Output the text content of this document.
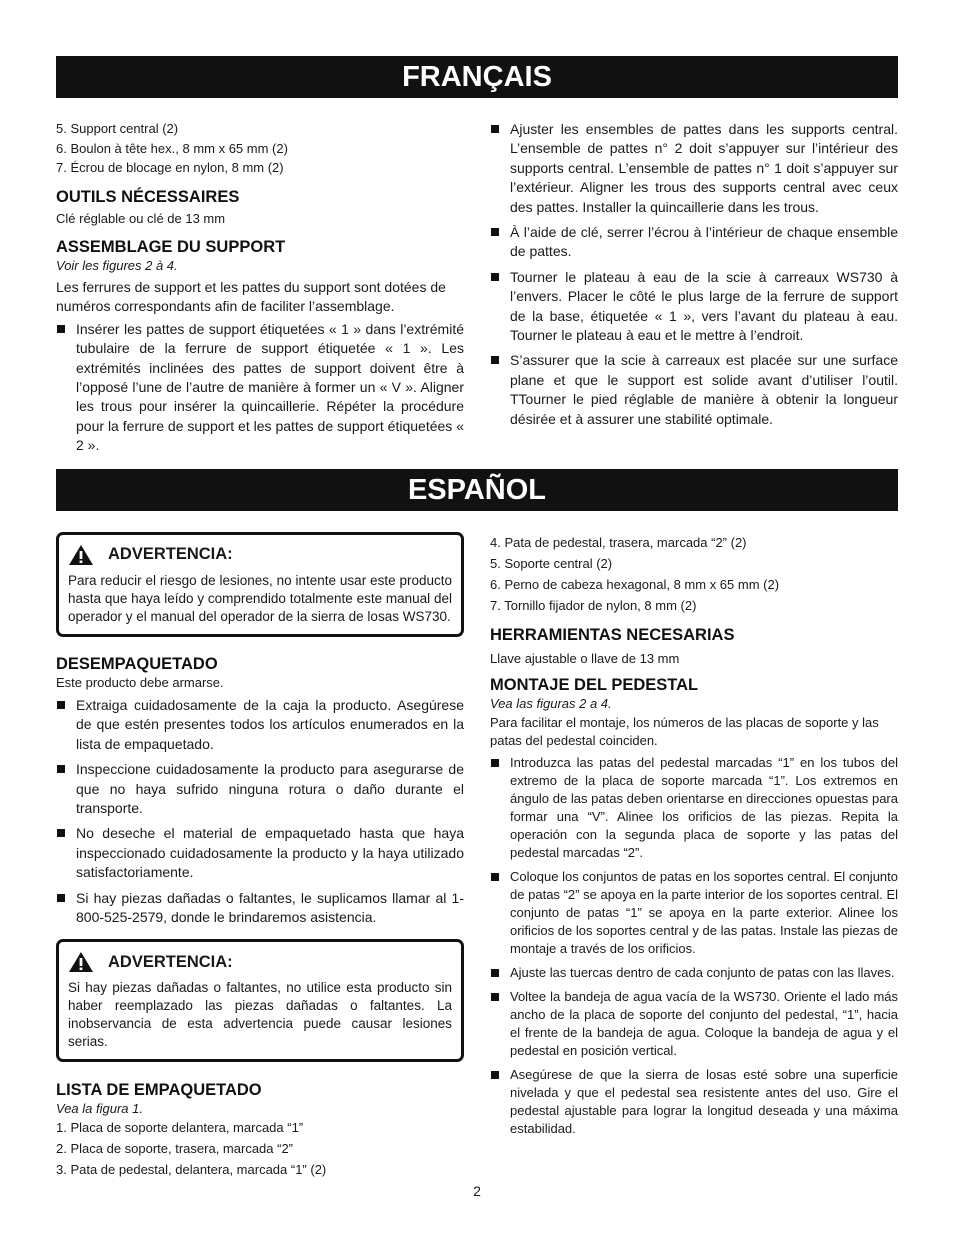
FRANÇAIS
5. Support central (2)
6. Boulon à tête hex., 8 mm x 65 mm (2)
7. Écrou de blocage en nylon, 8 mm (2)
OUTILS NÉCESSAIRES

Clé réglable ou clé de 13 mm

ASSEMBLAGE DU SUPPORT

Voir les figures 2 à 4.

Les ferrures de support et les pattes du support sont dotées de numéros correspondants afin de faciliter l’assemblage.

Insérer les pattes de support étiquetées « 1 » dans l’extrémité tubulaire de la ferrure de support étiquetée « 1 ». Les extrémités inclinées des pattes de support doivent être à l’opposé l’une de l’autre de manière à former un « V ». Aligner les trous pour insérer la quincaillerie. Répéter la procédure pour la ferrure de support et les pattes de support étiquetées « 2 ».
Ajuster les ensembles de pattes dans les supports central. L’ensemble de pattes n° 2 doit s’appuyer sur l’intérieur des supports central. L’ensemble de pattes n° 1 doit s’appuyer sur l’extérieur. Aligner les trous des supports central avec ceux des pattes. Installer la quincaillerie dans les trous.
À l’aide de clé, serrer l’écrou à l’intérieur de chaque ensemble de pattes.
Tourner le plateau à eau de la scie à carreaux WS730 à l’envers. Placer le côté le plus large de la ferrure de support de la base, étiquetée « 1 », vers l’avant du plateau à eau. Tourner le plateau à eau et le mettre à l’endroit.
S’assurer que la scie à carreaux est placée sur une surface plane et que le support est solide avant d’utiliser l’outil. TTourner le pied réglable de manière à obtenir la longueur désirée et à assurer une stabilité optimale.
ESPAÑOL
ADVERTENCIA:
Para reducir el riesgo de lesiones, no intente usar este producto hasta que haya leído y comprendido totalmente este manual del operador y el manual del operador de la sierra de losas WS730.
DESEMPAQUETADO

Este producto debe armarse.

Extraiga cuidadosamente de la caja la producto. Asegúrese de que estén presentes todos los artículos enumerados en la lista de empaquetado.
Inspeccione cuidadosamente la producto para asegurarse de que no haya sufrido ninguna rotura o daño durante el transporte.
No deseche el material de empaquetado hasta que haya inspeccionado cuidadosamente la producto y la haya utilizado satisfactoriamente.
Si hay piezas dañadas o faltantes, le suplicamos llamar al 1-800-525-2579, donde le brindaremos asistencia.
ADVERTENCIA:
Si hay piezas dañadas o faltantes, no utilice esta producto sin haber reemplazado las piezas dañadas o faltantes. La inobservancia de esta advertencia puede causar lesiones serias.
LISTA DE EMPAQUETADO

Vea la figura 1.

1. Placa de soporte delantera, marcada “1”
2. Placa de soporte, trasera, marcada “2”
3. Pata de pedestal, delantera, marcada “1” (2)
4. Pata de pedestal, trasera, marcada “2” (2)
5. Soporte central (2)
6. Perno de cabeza hexagonal, 8 mm x 65 mm (2)
7. Tornillo fijador de nylon, 8 mm (2)
HERRAMIENTAS NECESARIAS

Llave ajustable o llave de 13 mm

MONTAJE DEL PEDESTAL

Vea las figuras 2 a 4.

Para facilitar el montaje, los números de las placas de soporte y las patas del pedestal coinciden.

Introduzca las patas del pedestal marcadas “1” en los tubos del extremo de la placa de soporte marcada “1”. Los extremos en ángulo de las patas deben orientarse en direcciones opuestas para formar una “V”. Alinee los orificios de las piezas. Repita la operación con la segunda placa de soporte y las patas del pedestal marcadas “2”.
Coloque los conjuntos de patas en los soportes central. El conjunto de patas “2” se apoya en la parte interior de los soportes central. El conjunto de patas “1” se apoya en la parte exterior. Alinee los orificios de los soportes central y de las patas. Instale las piezas de montaje a través de los orificios.
Ajuste las tuercas dentro de cada conjunto de patas con las llaves.
Voltee la bandeja de agua vacía de la WS730. Oriente el lado más ancho de la placa de soporte del conjunto del pedestal, “1”, hacia el frente de la bandeja de agua. Coloque la bandeja de agua y el pedestal en posición vertical.
Asegúrese de que la sierra de losas esté sobre una superficie nivelada y que el pedestal sea resistente antes del uso. Gire el pedestal ajustable para lograr la longitud deseada y una máxima estabilidad.
2
